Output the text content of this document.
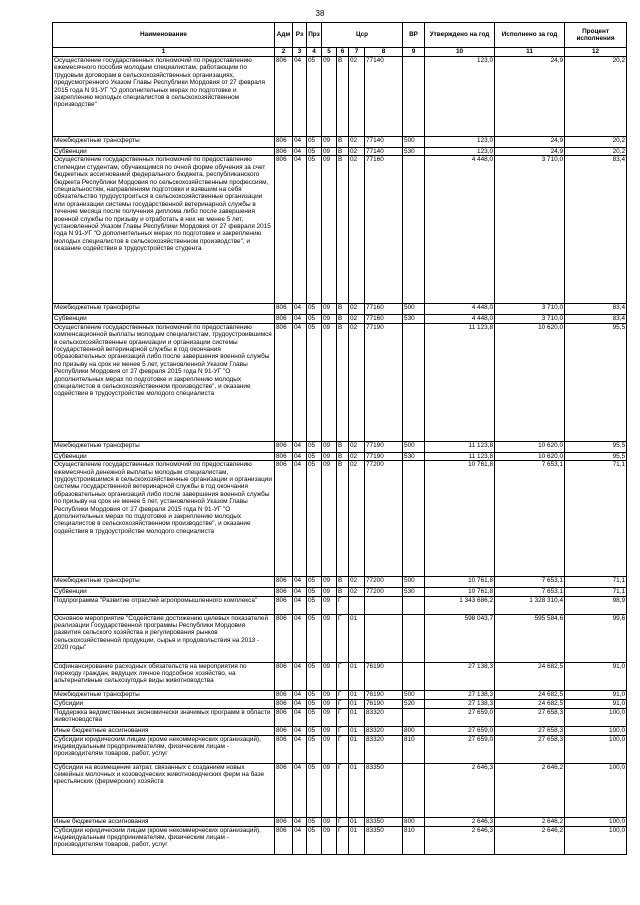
38
Наименование	Адм	Рз	Прз	Цср				ВР	Утверждено на год	Исполнено за год	Процент исполнения
1	2	3	4	5	6	7	8	9	10	11	12
Осуществление государственных полномочий по предоставлению ежемесячного пособия молодым специалистам, работающим по трудовым договорам в сельскохозяйственных организациях, предусмотренного Указом Главы Республики Мордовия от 27 февраля 2015 года N 91-УГ "О дополнительных мерах по подготовке и закреплению молодых специалистов в сельскохозяйственном производстве"	806	04	05	09	В	02	77140		123,0	24,9	20,2
Межбюджетные трансферты	806	04	05	09	В	02	77140	500	123,0	24,9	20,2
Субвенции	806	04	05	09	В	02	77140	530	123,0	24,9	20,2
Осуществление государственных полномочий по предоставлению стипендии студентам, обучающимся по очной форме обучения за счет бюджетных ассигнований федерального бюджета, республиканского бюджета Республики Мордовия по сельскохозяйственным профессиям, специальностям, направлениям подготовки и взявшим на себя обязательство трудоустроиться в сельскохозяйственные организации или организации системы государственной ветеринарной службы в течение месяца после получения диплома либо после завершения военной службы по призыву и отработать в них не менее 5 лет, установленной Указом Главы Республики Мордовия от 27 февраля 2015 года N 91-УГ "О дополнительных мерах по подготовке и закреплению молодых специалистов в сельскохозяйственном производстве", и оказание содействия в трудоустройстве студента	806	04	05	09	В	02	77160		4 448,0	3 710,0	83,4
Межбюджетные трансферты	806	04	05	09	В	02	77160	500	4 448,0	3 710,0	83,4
Субвенции	806	04	05	09	В	02	77160	530	4 448,0	3 710,0	83,4
Осуществление государственных полномочий по предоставлению компенсационной выплаты молодым специалистам, трудоустроившимся в сельскохозяйственные организации и организации системы государственной ветеринарной службы в год окончания образовательных организаций либо после завершения военной службы по призыву на срок не менее 5 лет, установленной Указом Главы Республики Мордовия от 27 февраля 2015 года N 91-УГ "О дополнительных мерах по подготовке и закреплению молодых специалистов в сельскохозяйственном производстве", и оказание содействия в трудоустройстве молодого специалиста	806	04	05	09	В	02	77190		11 123,8	10 620,0	95,5
Межбюджетные трансферты	806	04	05	09	В	02	77190	500	11 123,8	10 620,0	95,5
Субвенции	806	04	05	09	В	02	77190	530	11 123,8	10 620,0	95,5
Осуществление государственных полномочий по предоставлению ежемесячной денежной выплаты молодым специалистам, трудоустроившимся в сельскохозяйственные организации и организации системы государственной ветеринарной службы в год окончания образовательных организаций либо после завершения военной службы по призыву на срок не менее 5 лет, установленной Указом Главы Республики Мордовия от 27 февраля 2015 года N 91-УГ "О дополнительных мерах по подготовке и закреплению молодых специалистов в сельскохозяйственном производстве", и оказание содействия в трудоустройстве молодого специалиста	806	04	05	09	В	02	77200		10 761,8	7 653,1	71,1
Межбюджетные трансферты	806	04	05	09	В	02	77200	500	10 761,8	7 653,1	71,1
Субвенции	806	04	05	09	В	02	77200	530	10 761,8	7 653,1	71,1
Подпрограмма "Развитие отраслей агропромышленного комплекса"	806	04	05	09	Г				1 343 686,2	1 328 310,4	98,9
Основное мероприятие "Содействие достижению целевых показателей реализации Государственной программы Республики Мордовия развития сельского хозяйства и регулирования рынков сельскохозяйственной продукции, сырья и продовольствия на 2013 - 2020 годы"	806	04	05	09	Г	01			598 043,7	595 584,6	99,6
Софинансирование расходных обязательств на мероприятия по переходу граждан, ведущих личное подсобное хозяйство, на альтернативные сельхозугодья виды животноводства	806	04	05	09	Г	01	76190		27 138,3	24 682,5	91,0
Межбюджетные трансферты	806	04	05	09	Г	01	76190	500	27 138,3	24 682,5	91,0
Субсидии	806	04	05	09	Г	01	76190	520	27 138,3	24 682,5	91,0
Поддержка ведомственных экономически значимых программ в области животноводства	806	04	05	09	Г	01	83320		27 659,0	27 658,3	100,0
Иные бюджетные ассигнования	806	04	05	09	Г	01	83320	800	27 659,0	27 658,3	100,0
Субсидии юридическим лицам (кроме некоммерческих организаций), индивидуальным предпринимателям, физическим лицам - производителям товаров, работ, услуг	806	04	05	09	Г	01	83320	810	27 659,0	27 658,3	100,0
Субсидии на возмещение затрат, связанных с созданием новых семейных молочных и козоводческих животноводческих ферм на базе крестьянских (фермерских) хозяйств	806	04	05	09	Г	01	83350		2 646,3	2 646,2	100,0
Иные бюджетные ассигнования	806	04	05	09	Г	01	83350	800	2 646,3	2 646,2	100,0
Субсидии юридическим лицам (кроме некоммерческих организаций), индивидуальным предпринимателям, физическим лицам - производителям товаров, работ, услуг	806	04	05	09	Г	01	83350	810	2 646,3	2 646,2	100,0
